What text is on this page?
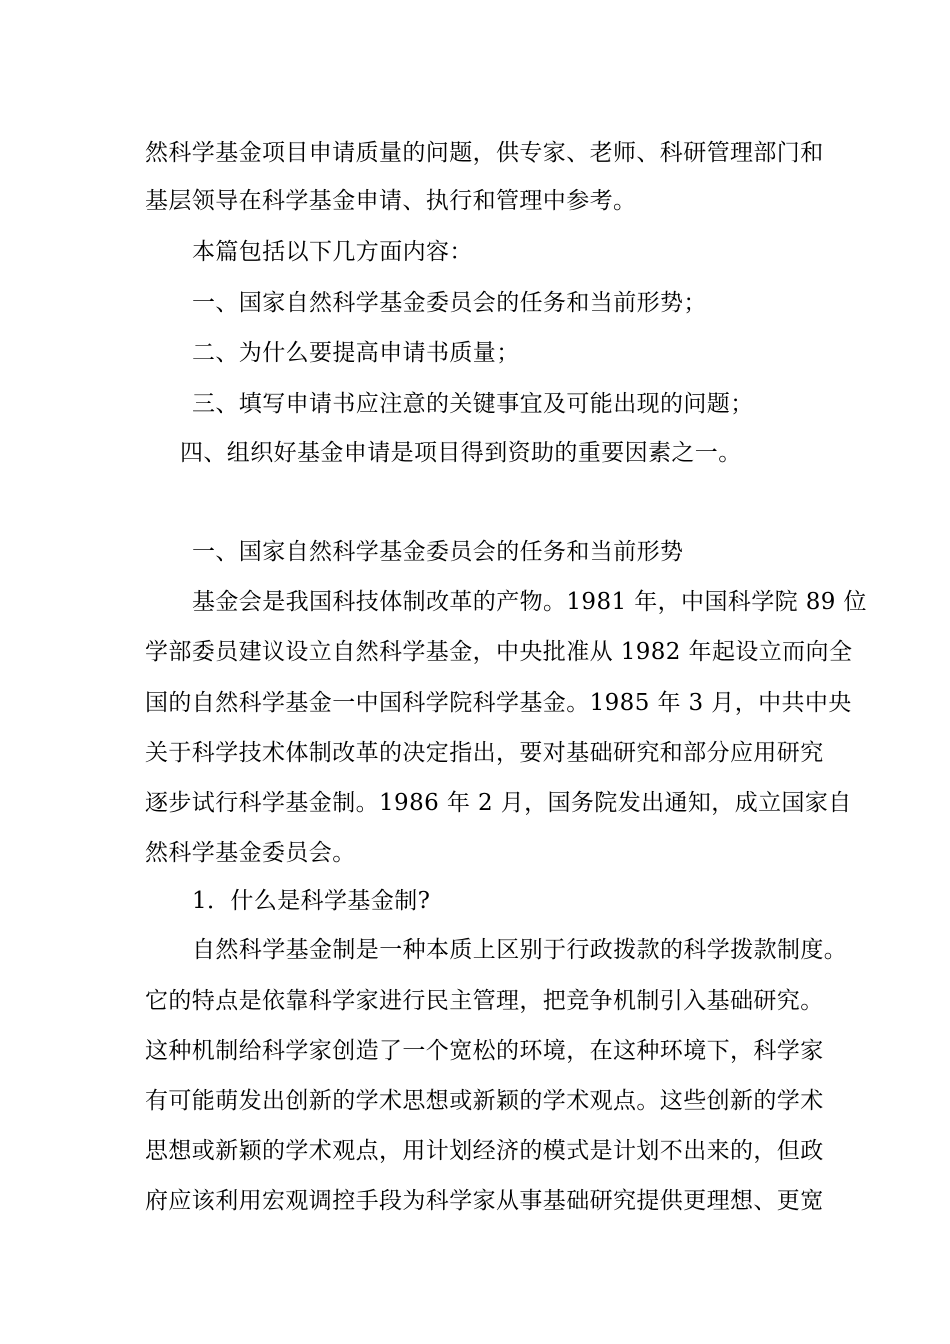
然科学基金项目申请质量的问题，供专家、老师、科研管理部门和
基层领导在科学基金申请、执行和管理中参考。
本篇包括以下几方面内容：
一、国家自然科学基金委员会的任务和当前形势；
二、为什么要提高申请书质量；
三、填写申请书应注意的关键事宜及可能出现的问题；
四、组织好基金申请是项目得到资助的重要因素之一。
一、国家自然科学基金委员会的任务和当前形势
基金会是我国科技体制改革的产物。1981 年，中国科学院 89 位
学部委员建议设立自然科学基金，中央批准从 1982 年起设立而向全
国的自然科学基金一中国科学院科学基金。1985 年 3 月，中共中央
关于科学技术体制改革的决定指出，要对基础研究和部分应用研究
逐步试行科学基金制。1986 年 2 月，国务院发出通知，成立国家自
然科学基金委员会。
1．什么是科学基金制?
自然科学基金制是一种本质上区别于行政拨款的科学拨款制度。
它的特点是依靠科学家进行民主管理，把竞争机制引入基础研究。
这种机制给科学家创造了一个宽松的环境，在这种环境下，科学家
有可能萌发出创新的学术思想或新颖的学术观点。这些创新的学术
思想或新颖的学术观点，用计划经济的模式是计划不出来的，但政
府应该利用宏观调控手段为科学家从事基础研究提供更理想、更宽
